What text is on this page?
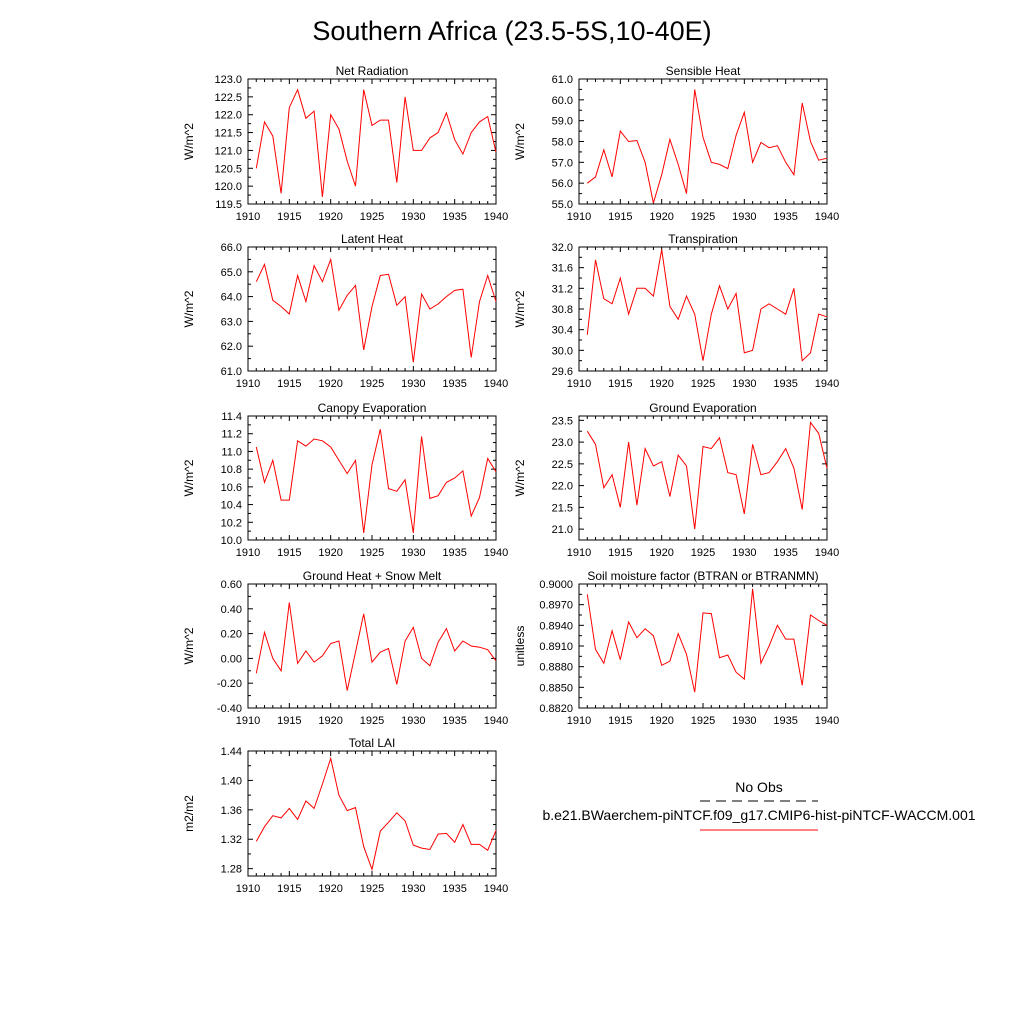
Southern Africa (23.5-5S,10-40E)
No Obs
b.e21.BWaerchem-piNTCF.f09_g17.CMIP6-hist-piNTCF-WACCM.001
Net Radiation
W/m^2
1910 1915 1920 1925 1930 1935 1940
119.5
120.0
120.5
121.0
121.5
122.0
122.5
123.0
Sensible Heat
W/m^2
1910 1915 1920 1925 1930 1935 1940
55.0
56.0
57.0
58.0
59.0
60.0
61.0
Latent Heat
W/m^2
1910 1915 1920 1925 1930 1935 1940
61.0
62.0
63.0
64.0
65.0
66.0
Transpiration
W/m^2
1910 1915 1920 1925 1930 1935 1940
29.6
30.0
30.4
30.8
31.2
31.6
32.0
Canopy Evaporation
W/m^2
1910 1915 1920 1925 1930 1935 1940
10.0
10.2
10.4
10.6
10.8
11.0
11.2
11.4
Ground Evaporation
W/m^2
1910 1915 1920 1925 1930 1935 1940
21.0
21.5
22.0
22.5
23.0
23.5
Ground Heat + Snow Melt
W/m^2
1910 1915 1920 1925 1930 1935 1940
-0.40
-0.20
0.00
0.20
0.40
0.60
Soil moisture factor (BTRAN or BTRANMN)
unitless
1910 1915 1920 1925 1930 1935 1940
0.8820
0.8850
0.8880
0.8910
0.8940
0.8970
0.9000
Total LAI
m2/m2
1910 1915 1920 1925 1930 1935 1940
1.28
1.32
1.36
1.40
1.44
